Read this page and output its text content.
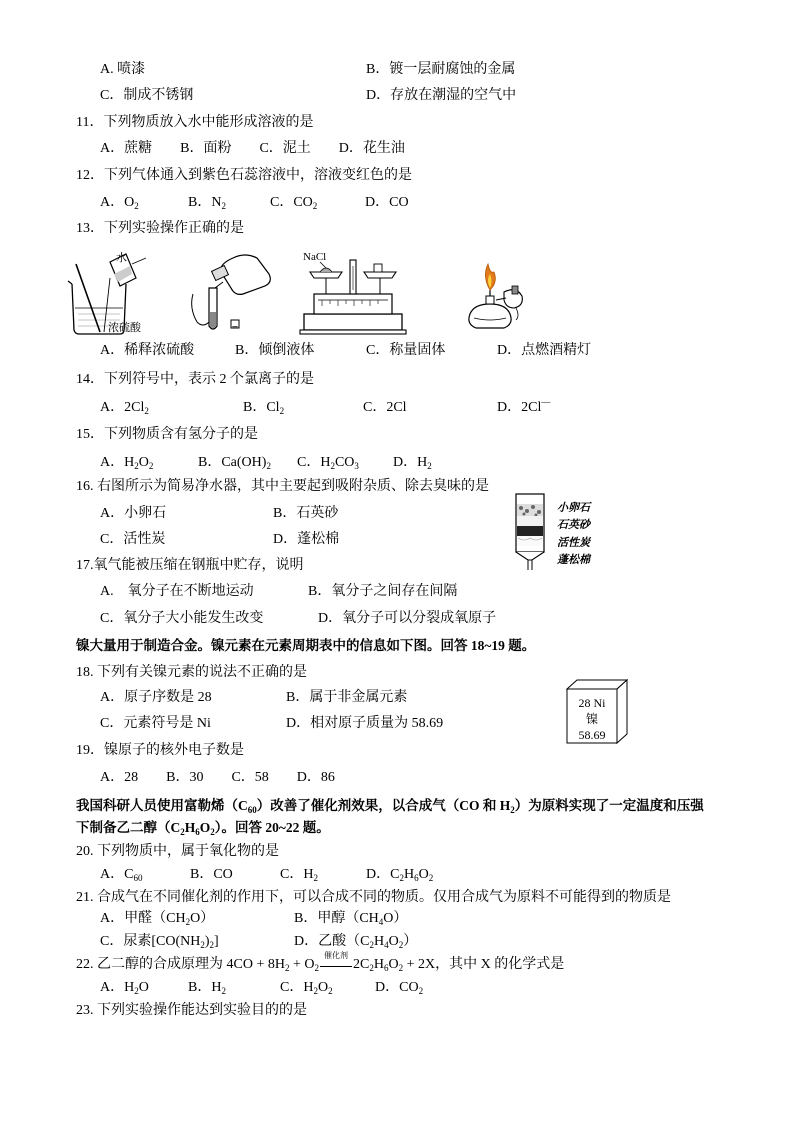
A. 喷漆	B．镀一层耐腐蚀的金属
C．制成不锈钢	D．存放在潮湿的空气中
11．下列物质放入水中能形成溶液的是
A．蔗糖        B．面粉        C．泥土        D．花生油
12．下列气体通入到紫色石蕊溶液中，溶液变红色的是
A．$O_2$	B．$N_2$	C．$CO_2$	D．CO
13．下列实验操作正确的是
水
浓硫酸
NaCl
A．稀释浓硫酸	B．倾倒液体	C．称量固体	D．点燃酒精灯
14．下列符号中，表示 2 个氯离子的是
A．$2Cl_2$	B．$Cl_2$	C．2Cl	D．2Cl—
15．下列物质含有氢分子的是
A．$H_2O_2$	B．$Ca(OH)_2$ C．$H_2CO_3$ D．$H_2$
16. 右图所示为简易净水器，其中主要起到吸附杂质、除去臭味的是
A．小卵石	B．石英砂
C．活性炭	D．蓬松棉
小卵石
石英砂
活性炭
蓬松棉
17.氧气能被压缩在钢瓶中贮存，说明
A.    氧分子在不断地运动	B．氧分子之间存在间隔
C．氧分子大小能发生改变	D．氧分子可以分裂成氧原子
镍大量用于制造合金。镍元素在元素周期表中的信息如下图。回答 18~19 题。
18. 下列有关镍元素的说法不正确的是
A．原子序数是 28	B．属于非金属元素
C．元素符号是 Ni	D．相对原子质量为 58.69
28 Ni
镍
58.69
19．镍原子的核外电子数是
A．28        B．30        C．58        D．86
我国科研人员使用富勒烯$(C_{60})$改善了催化剂效果，以合成气（CO 和 $H_2$）为原料实现了一定温度和压强
下制备乙二醇$(C_2H_6O_2)$。回答 20~22 题。
20. 下列物质中，属于氧化物的是
A．$C_{60}$	B．CO	C．$H_2$	D．$C_2H_6O_2$
21. 合成气在不同催化剂的作用下，可以合成不同的物质。仅用合成气为原料不可能得到的物质是
A．甲醛$(CH_2O)$	B．甲醇$(CH_4O)$
C．尿素$[CO(NH_2)_2]$	D．乙酸$(C_2H_4O_2)$
22. 乙二醇的合成原理为 $4CO + 8H_2 + O_2$
催化剂
$2C_2H_6O_2 + 2X$，其中 X 的化学式是
A．$H_2O$	B．$H_2$	C．$H_2O_2$	D．$CO_2$
23. 下列实验操作能达到实验目的的是
